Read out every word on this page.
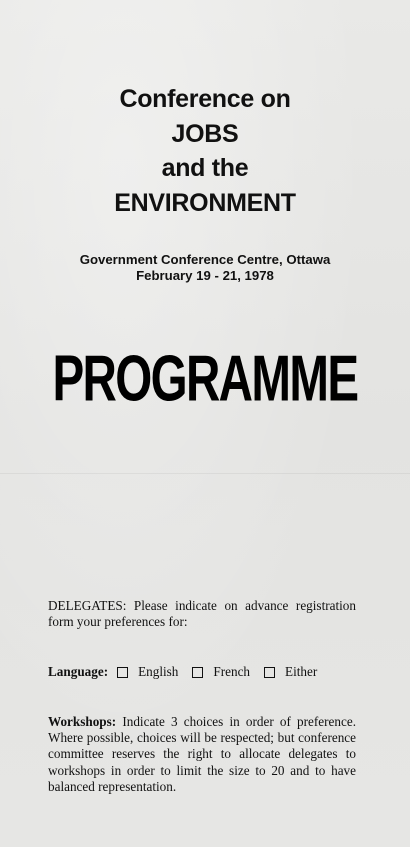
Conference on
JOBS
and the
ENVIRONMENT
Government Conference Centre, Ottawa
February 19 - 21, 1978
PROGRAMME
DELEGATES: Please indicate on advance registration form your preferences for:
Language: English	French	Either
Workshops: Indicate 3 choices in order of preference. Where possible, choices will be respected; but conference committee reserves the right to allocate delegates to workshops in order to limit the size to 20 and to have balanced representation.
